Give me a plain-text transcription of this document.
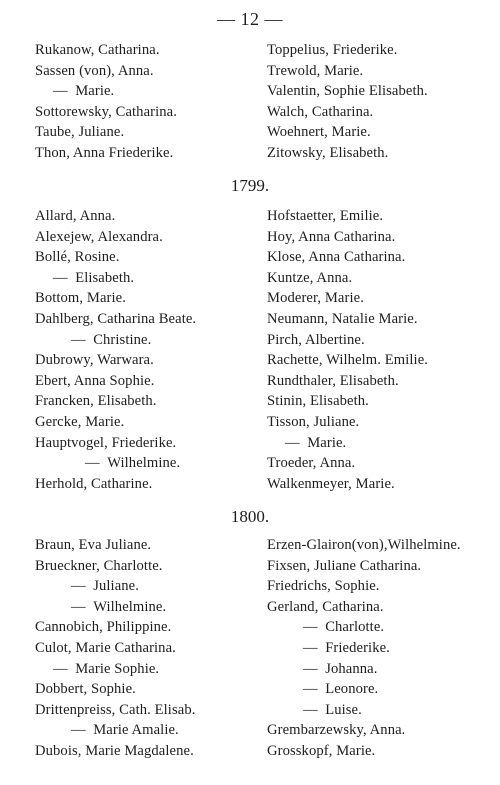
— 12 —
Rukanow, Catharina.
Sassen (von), Anna.
— Marie.
Sottorewsky, Catharina.
Taube, Juliane.
Thon, Anna Friederike.
Toppelius, Friederike.
Trewold, Marie.
Valentin, Sophie Elisabeth.
Walch, Catharina.
Woehnert, Marie.
Zitowsky, Elisabeth.
1799.
Allard, Anna.
Alexejew, Alexandra.
Bollé, Rosine.
— Elisabeth.
Bottom, Marie.
Dahlberg, Catharina Beate.
— Christine.
Dubrowy, Warwara.
Ebert, Anna Sophie.
Francken, Elisabeth.
Gercke, Marie.
Hauptvogel, Friederike.
— Wilhelmine.
Herhold, Catharine.
Hofstaetter, Emilie.
Hoy, Anna Catharina.
Klose, Anna Catharina.
Kuntze, Anna.
Moderer, Marie.
Neumann, Natalie Marie.
Pirch, Albertine.
Rachette, Wilhelm. Emilie.
Rundthaler, Elisabeth.
Stinin, Elisabeth.
Tisson, Juliane.
— Marie.
Troeder, Anna.
Walkenmeyer, Marie.
1800.
Braun, Eva Juliane.
Brueckner, Charlotte.
— Juliane.
— Wilhelmine.
Cannobich, Philippine.
Culot, Marie Catharina.
— Marie Sophie.
Dobbert, Sophie.
Drittenpreiss, Cath. Elisab.
— Marie Amalie.
Dubois, Marie Magdalene.
Erzen-Glairon(von),Wilhelmine.
Fixsen, Juliane Catharina.
Friedrichs, Sophie.
Gerland, Catharina.
— Charlotte.
— Friederike.
— Johanna.
— Leonore.
— Luise.
Grembarzewsky, Anna.
Grosskopf, Marie.
